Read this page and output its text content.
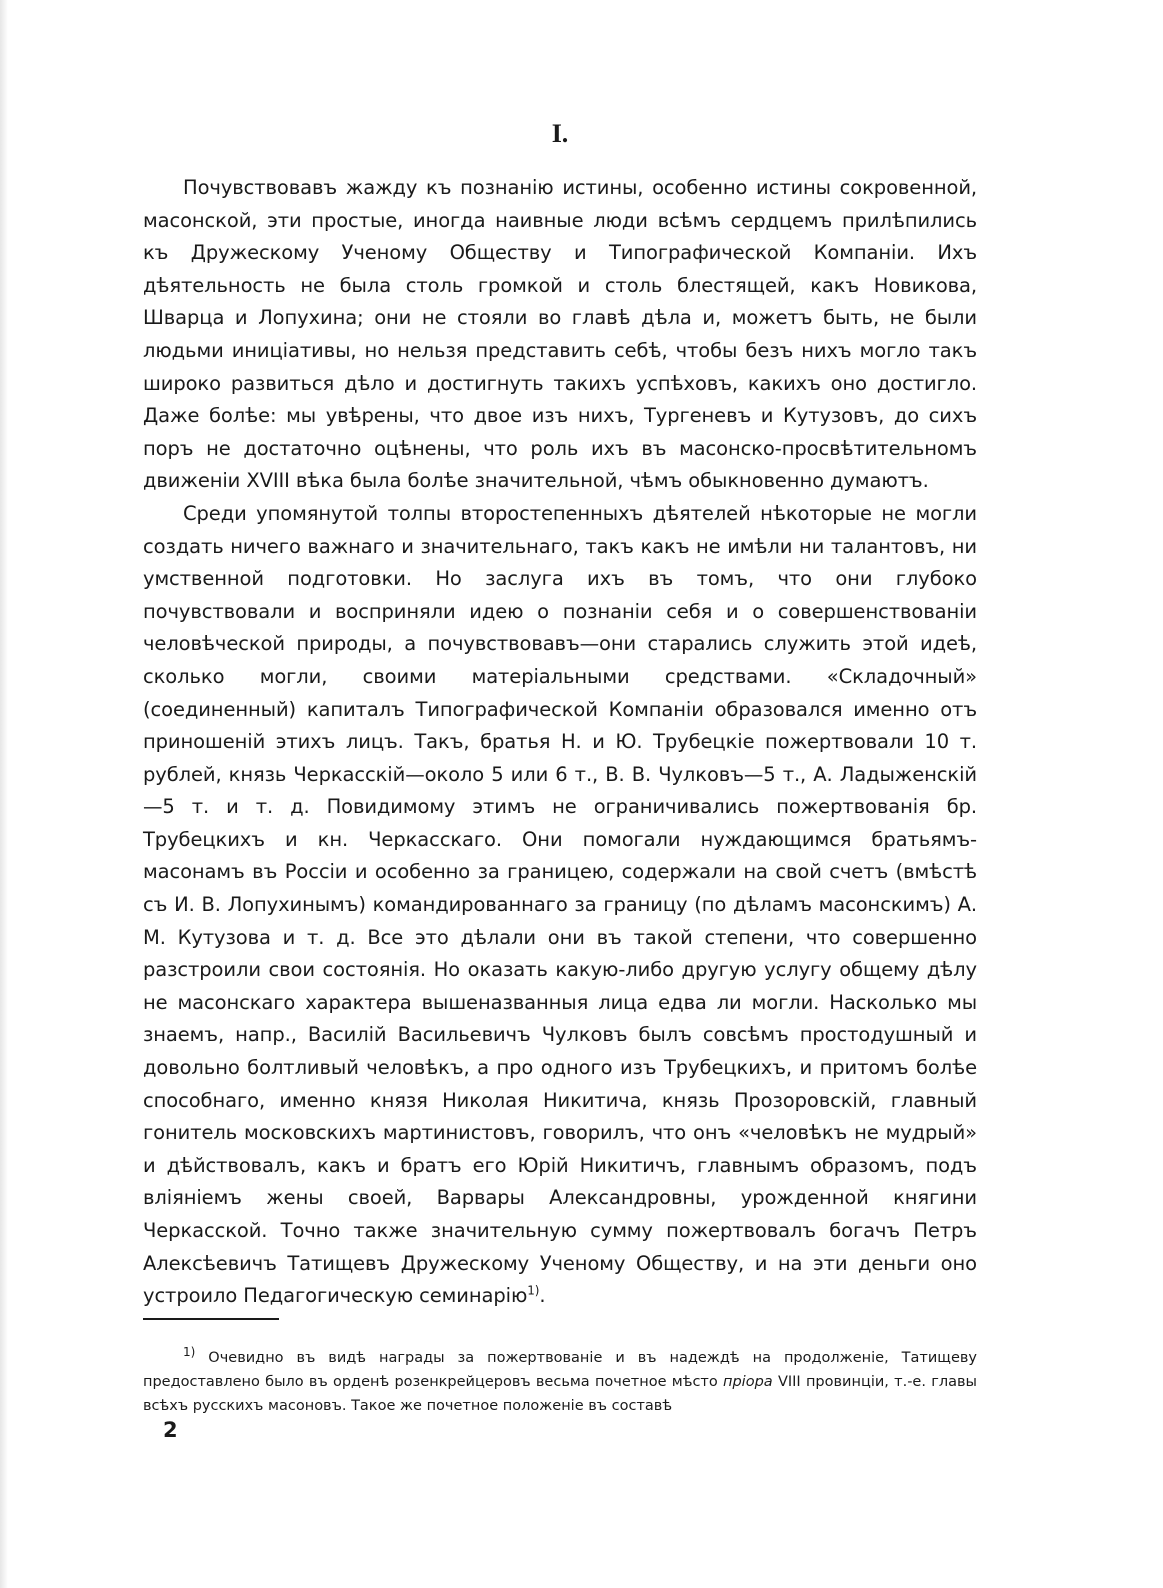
I.

Почувствовавъ жажду къ познанію истины, особенно истины сокровенной, масонской, эти простые, иногда наивные люди всѣмъ сердцемъ прилѣпились къ Дружескому Ученому Обществу и Типографической Компаніи. Ихъ дѣятельность не была столь громкой и столь блестящей, какъ Новикова, Шварца и Лопухина; они не стояли во главѣ дѣла и, можетъ быть, не были людьми иниціативы, но нельзя представить себѣ, чтобы безъ нихъ могло такъ широко развиться дѣло и достигнуть такихъ успѣховъ, какихъ оно достигло. Даже болѣе: мы увѣрены, что двое изъ нихъ, Тургеневъ и Кутузовъ, до сихъ поръ не достаточно оцѣнены, что роль ихъ въ масонско-просвѣтительномъ движеніи XVIII вѣка была болѣе значительной, чѣмъ обыкновенно думаютъ.

Среди упомянутой толпы второстепенныхъ дѣятелей нѣкоторые не могли создать ничего важнаго и значительнаго, такъ какъ не имѣли ни талантовъ, ни умственной подготовки. Но заслуга ихъ въ томъ, что они глубоко почувствовали и восприняли идею о познаніи себя и о совершенствованіи человѣческой природы, а почувствовавъ—они старались служить этой идеѣ, сколько могли, своими матеріальными средствами. «Складочный» (соединенный) капиталъ Типографической Компаніи образовался именно отъ приношеній этихъ лицъ. Такъ, братья Н. и Ю. Трубецкіе пожертвовали 10 т. рублей, князь Черкасскій—около 5 или 6 т., В. В. Чулковъ—5 т., А. Ладыженскій—5 т. и т. д. Повидимому этимъ не ограничивались пожертвованія бр. Трубецкихъ и кн. Черкасскаго. Они помогали нуждающимся братьямъ-масонамъ въ Россіи и особенно за границею, содержали на свой счетъ (вмѣстѣ съ И. В. Лопухинымъ) командированнаго за границу (по дѣламъ масонскимъ) А. М. Кутузова и т. д. Все это дѣлали они въ такой степени, что совершенно разстроили свои состоянія. Но оказать какую-либо другую услугу общему дѣлу не масонскаго характера вышеназванныя лица едва ли могли. Насколько мы знаемъ, напр., Василій Васильевичъ Чулковъ былъ совсѣмъ простодушный и довольно болтливый человѣкъ, а про одного изъ Трубецкихъ, и притомъ болѣе способнаго, именно князя Николая Никитича, князь Прозоровскій, главный гонитель московскихъ мартинистовъ, говорилъ, что онъ «человѣкъ не мудрый» и дѣйствовалъ, какъ и братъ его Юрій Никитичъ, главнымъ образомъ, подъ вліяніемъ жены своей, Варвары Александровны, урожденной княгини Черкасской. Точно также значительную сумму пожертвовалъ богачъ Петръ Алексѣевичъ Татищевъ Дружескому Ученому Обществу, и на эти деньги оно устроило Педагогическую семинарію$^{1)}$.

$^{1)}$ Очевидно въ видѣ награды за пожертвованіе и въ надеждѣ на продолженіе, Татищеву предоставлено было въ орденѣ розенкрейцеровъ весьма почетное мѣсто пріора VIII провинціи, т.-е. главы всѣхъ русскихъ масоновъ. Такое же почетное положеніе въ составѣ

2
